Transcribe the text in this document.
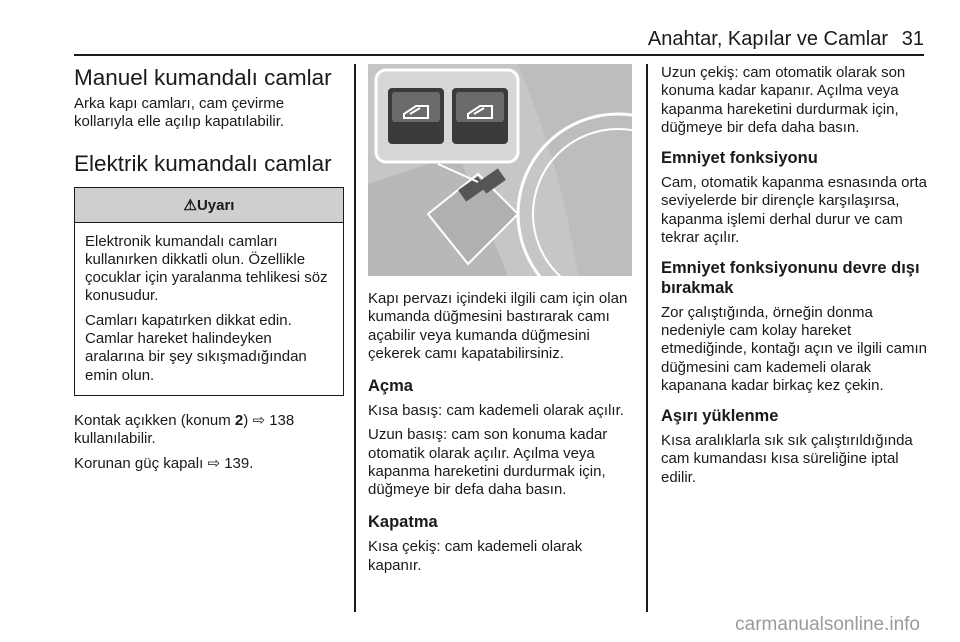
Anahtar, Kapılar ve Camlar 31
Manuel kumandalı camlar

Arka kapı camları, cam çevirme kollarıyla elle açılıp kapatılabilir.

Elektrik kumandalı camlar
⚠Uyarı

Elektronik kumandalı camları kullanırken dikkatli olun. Özellikle çocuklar için yaralanma tehlikesi söz konusudur.

Camları kapatırken dikkat edin. Camlar hareket halindeyken aralarına bir şey sıkışmadığından emin olun.

Kontak açıkken (konum 2) ⇨ 138
kullanılabilir.

Korunan güç kapalı ⇨ 139.

Kapı pervazı içindeki ilgili cam için olan kumanda düğmesini bastırarak camı açabilir veya kumanda düğmesini çekerek camı kapatabilirsiniz.

Açma

Kısa basış: cam kademeli olarak açılır.

Uzun basış: cam son konuma kadar otomatik olarak açılır. Açılma veya kapanma hareketini durdurmak için, düğmeye bir defa daha basın.

Kapatma

Kısa çekiş: cam kademeli olarak kapanır.

Uzun çekiş: cam otomatik olarak son konuma kadar kapanır. Açılma veya kapanma hareketini durdurmak için, düğmeye bir defa daha basın.

Emniyet fonksiyonu

Cam, otomatik kapanma esnasında orta seviyelerde bir dirençle karşılaşırsa, kapanma işlemi derhal durur ve cam tekrar açılır.

Emniyet fonksiyonunu devre dışı bırakmak

Zor çalıştığında, örneğin donma nedeniyle cam kolay hareket etmediğinde, kontağı açın ve ilgili camın düğmesini cam kademeli olarak kapanana kadar birkaç kez çekin.

Aşırı yüklenme

Kısa aralıklarla sık sık çalıştırıldığında cam kumandası kısa süreliğine iptal edilir.

carmanualsonline.info
